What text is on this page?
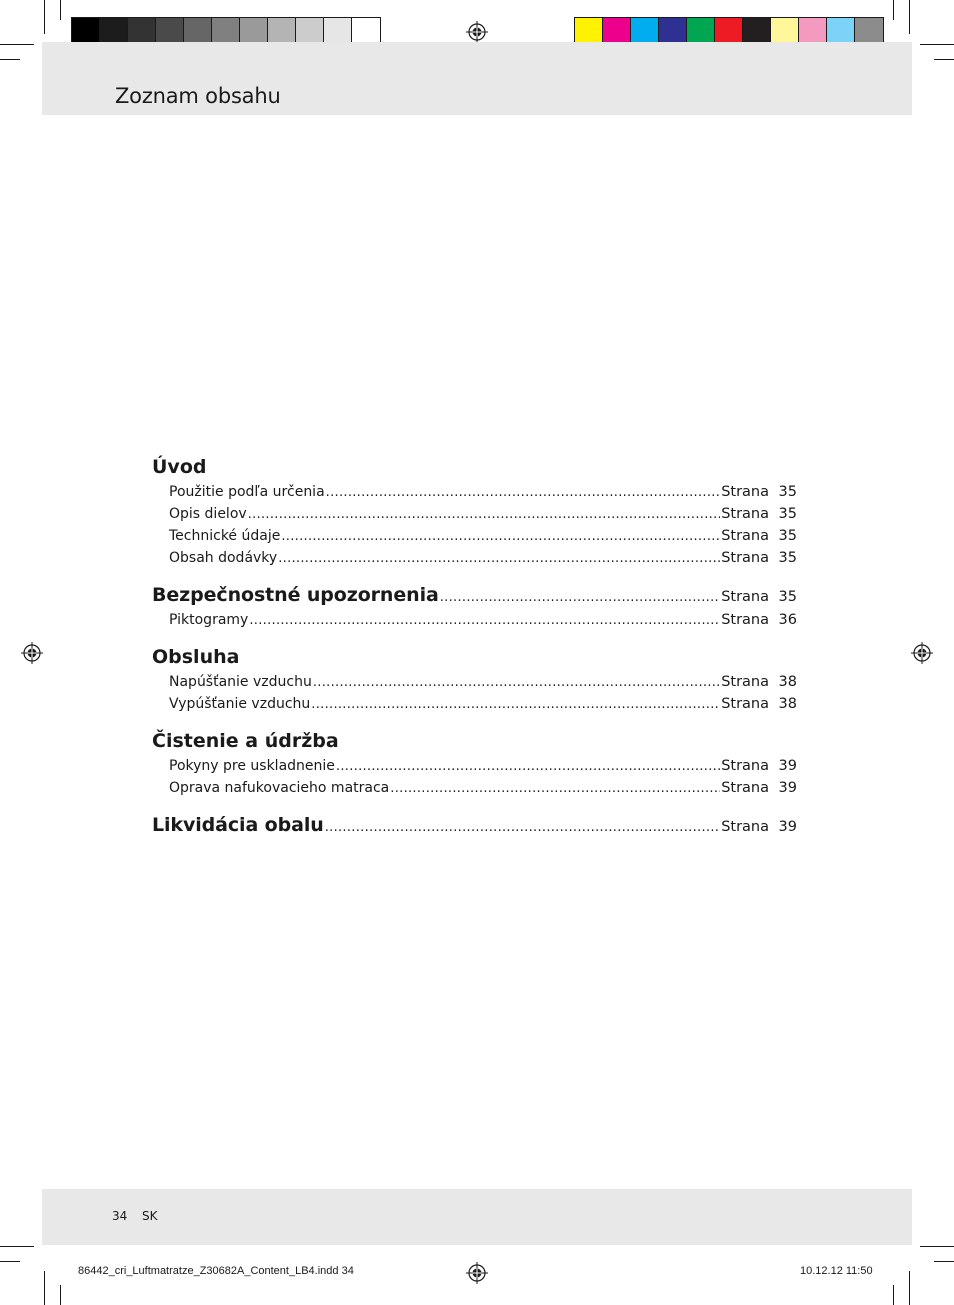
Zoznam obsahu
Úvod
Použitie podľa určenia .....	Strana 35
Opis dielov .....	Strana 35
Technické údaje .....	Strana 35
Obsah dodávky .....	Strana 35
Bezpečnostné upozornenia .....	Strana 35
Piktogramy .....	Strana 36
Obsluha
Napúšťanie vzduchu .....	Strana 38
Vypúšťanie vzduchu .....	Strana 38
Čistenie a údržba
Pokyny pre uskladnenie .....	Strana 39
Oprava nafukovacieho matraca .....	Strana 39
Likvidácia obalu .....	Strana 39
34 SK
86442_cri_Luftmatratze_Z30682A_Content_LB4.indd 34	10.12.12 11:50
